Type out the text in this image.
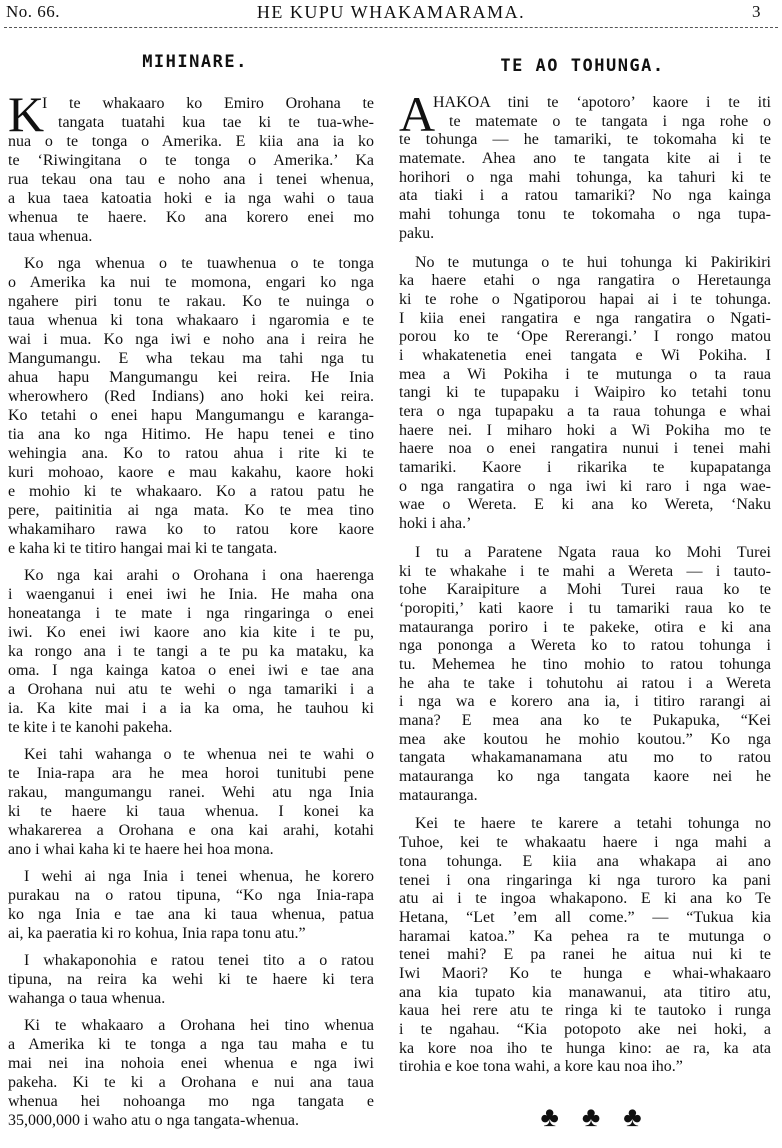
No. 66.	HE KUPU WHAKAMARAMA.	3
MIHINARE.	TE AO TOHUNGA.
K
I te whakaaro ko Emiro Orohana te
tangata tuatahi kua tae ki te tua-whe-
nua o te tonga o Amerika. E kiia ana ia ko
te ‘Riwingitana o te tonga o Amerika.’ Ka
rua tekau ona tau e noho ana i tenei whenua,
a kua taea katoatia hoki e ia nga wahi o taua
whenua te haere. Ko ana korero enei mo
taua whenua.
Ko nga whenua o te tuawhenua o te tonga
o Amerika ka nui te momona, engari ko nga
ngahere piri tonu te rakau. Ko te nuinga o
taua whenua ki tona whakaaro i ngaromia e te
wai i mua. Ko nga iwi e noho ana i reira he
Mangumangu. E wha tekau ma tahi nga tu
ahua hapu Mangumangu kei reira. He Inia
wherowhero (Red Indians) ano hoki kei reira.
Ko tetahi o enei hapu Mangumangu e karanga-
tia ana ko nga Hitimo. He hapu tenei e tino
wehingia ana. Ko to ratou ahua i rite ki te
kuri mohoao, kaore e mau kakahu, kaore hoki
e mohio ki te whakaaro. Ko a ratou patu he
pere, paitinitia ai nga mata. Ko te mea tino
whakamiharo rawa ko to ratou kore kaore
e kaha ki te titiro hangai mai ki te tangata.
Ko nga kai arahi o Orohana i ona haerenga
i waenganui i enei iwi he Inia. He maha ona
honeatanga i te mate i nga ringaringa o enei
iwi. Ko enei iwi kaore ano kia kite i te pu,
ka rongo ana i te tangi a te pu ka mataku, ka
oma. I nga kainga katoa o enei iwi e tae ana
a Orohana nui atu te wehi o nga tamariki i a
ia. Ka kite mai i a ia ka oma, he tauhou ki
te kite i te kanohi pakeha.
Kei tahi wahanga o te whenua nei te wahi o
te Inia-rapa ara he mea horoi tunitubi pene
rakau, mangumangu ranei. Wehi atu nga Inia
ki te haere ki taua whenua. I konei ka
whakarerea a Orohana e ona kai arahi, kotahi
ano i whai kaha ki te haere hei hoa mona.
I wehi ai nga Inia i tenei whenua, he korero
purakau na o ratou tipuna, “Ko nga Inia-rapa
ko nga Inia e tae ana ki taua whenua, patua
ai, ka paeratia ki ro kohua, Inia rapa tonu atu.”
I whakaponohia e ratou tenei tito a o ratou
tipuna, na reira ka wehi ki te haere ki tera
wahanga o taua whenua.
Ki te whakaaro a Orohana hei tino whenua
a Amerika ki te tonga a nga tau maha e tu
mai nei ina nohoia enei whenua e nga iwi
pakeha. Ki te ki a Orohana e nui ana taua
whenua hei nohoanga mo nga tangata e
35,000,000 i waho atu o nga tangata-whenua.
A
HAKOA tini te ‘apotoro’ kaore i te iti
te matemate o te tangata i nga rohe o
te tohunga — he tamariki, te tokomaha ki te
matemate. Ahea ano te tangata kite ai i te
horihori o nga mahi tohunga, ka tahuri ki te
ata tiaki i a ratou tamariki? No nga kainga
mahi tohunga tonu te tokomaha o nga tupa-
paku.
No te mutunga o te hui tohunga ki Pakirikiri
ka haere etahi o nga rangatira o Heretaunga
ki te rohe o Ngatiporou hapai ai i te tohunga.
I kiia enei rangatira e nga rangatira o Ngati-
porou ko te ‘Ope Rererangi.’ I rongo matou
i whakatenetia enei tangata e Wi Pokiha. I
mea a Wi Pokiha i te mutunga o ta raua
tangi ki te tupapaku i Waipiro ko tetahi tonu
tera o nga tupapaku a ta raua tohunga e whai
haere nei. I miharo hoki a Wi Pokiha mo te
haere noa o enei rangatira nunui i tenei mahi
tamariki. Kaore i rikarika te kupapatanga
o nga rangatira o nga iwi ki raro i nga wae-
wae o Wereta. E ki ana ko Wereta, ‘Naku
hoki i aha.’
I tu a Paratene Ngata raua ko Mohi Turei
ki te whakahe i te mahi a Wereta — i tauto-
tohe Karaipiture a Mohi Turei raua ko te
‘poropiti,’ kati kaore i tu tamariki raua ko te
matauranga poriro i te pakeke, otira e ki ana
nga pononga a Wereta ko to ratou tohunga i
tu. Mehemea he tino mohio to ratou tohunga
he aha te take i tohutohu ai ratou i a Wereta
i nga wa e korero ana ia, i titiro rarangi ai
mana? E mea ana ko te Pukapuka, “Kei
mea ake koutou he mohio koutou.” Ko nga
tangata whakamanamana atu mo to ratou
matauranga ko nga tangata kaore nei he
matauranga.
Kei te haere te karere a tetahi tohunga no
Tuhoe, kei te whakaatu haere i nga mahi a
tona tohunga. E kiia ana whakapa ai ano
tenei i ona ringaringa ki nga turoro ka pani
atu ai i te ingoa whakapono. E ki ana ko Te
Hetana, “Let ’em all come.” — “Tukua kia
haramai katoa.” Ka pehea ra te mutunga o
tenei mahi? E pa ranei he aitua nui ki te
Iwi Maori? Ko te hunga e whai-whakaaro
ana kia tupato kia manawanui, ata titiro atu,
kaua hei rere atu te ringa ki te tautoko i runga
i te ngahau. “Kia potopoto ake nei hoki, a
ka kore noa iho te hunga kino: ae ra, ka ata
tirohia e koe tona wahi, a kore kau noa iho.”
♣ ♣ ♣
